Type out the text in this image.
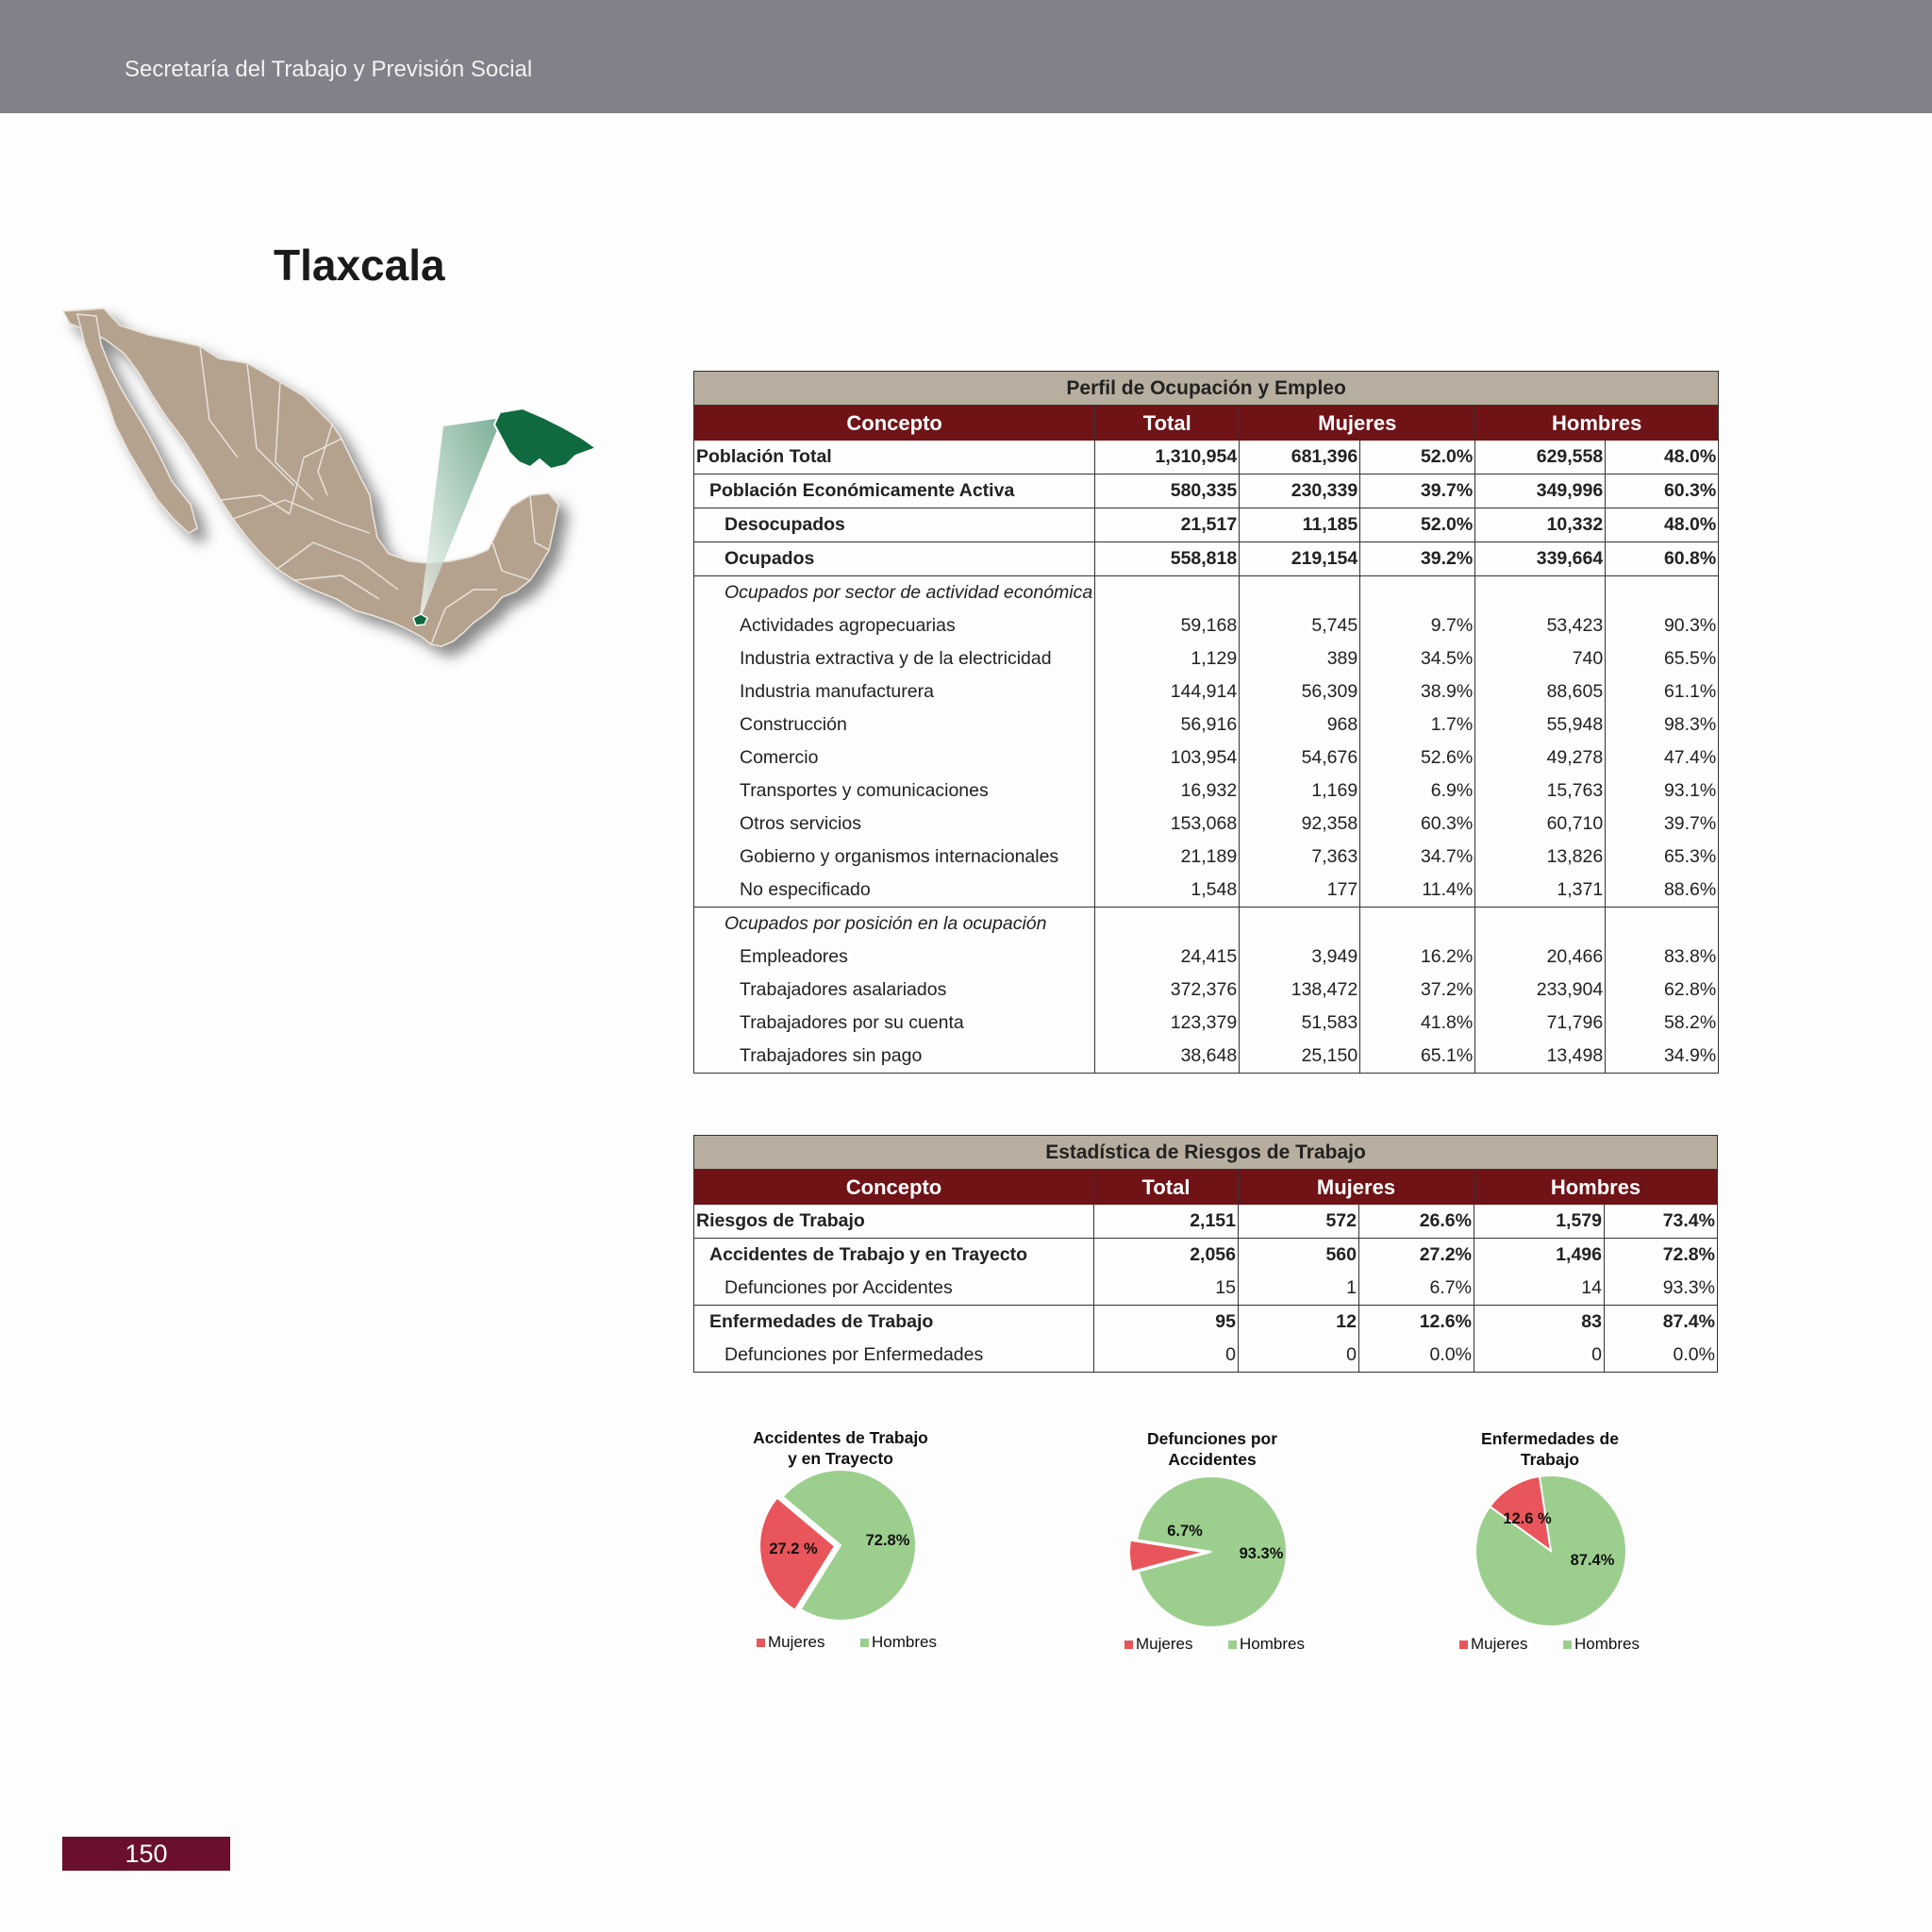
Secretaría del Trabajo y Previsión Social
Tlaxcala
Perfil de Ocupación y Empleo					
Concepto	Total	Mujeres		Hombres	
Población Total	1,310,954	681,396	52.0%	629,558	48.0%
Población Económicamente Activa	580,335	230,339	39.7%	349,996	60.3%
Desocupados	21,517	11,185	52.0%	10,332	48.0%
Ocupados	558,818	219,154	39.2%	339,664	60.8%
Ocupados por sector de actividad económica					
Actividades agropecuarias	59,168	5,745	9.7%	53,423	90.3%
Industria extractiva y de la electricidad	1,129	389	34.5%	740	65.5%
Industria manufacturera	144,914	56,309	38.9%	88,605	61.1%
Construcción	56,916	968	1.7%	55,948	98.3%
Comercio	103,954	54,676	52.6%	49,278	47.4%
Transportes y comunicaciones	16,932	1,169	6.9%	15,763	93.1%
Otros servicios	153,068	92,358	60.3%	60,710	39.7%
Gobierno y organismos internacionales	21,189	7,363	34.7%	13,826	65.3%
No especificado	1,548	177	11.4%	1,371	88.6%
Ocupados por posición en la ocupación					
Empleadores	24,415	3,949	16.2%	20,466	83.8%
Trabajadores asalariados	372,376	138,472	37.2%	233,904	62.8%
Trabajadores por su cuenta	123,379	51,583	41.8%	71,796	58.2%
Trabajadores sin pago	38,648	25,150	65.1%	13,498	34.9%
Estadística de Riesgos de Trabajo					
Concepto	Total	Mujeres		Hombres	
Riesgos de Trabajo	2,151	572	26.6%	1,579	73.4%
Accidentes de Trabajo y en Trayecto	2,056	560	27.2%	1,496	72.8%
Defunciones por Accidentes	15	1	6.7%	14	93.3%
Enfermedades de Trabajo	95	12	12.6%	83	87.4%
Defunciones por Enfermedades	0	0	0.0%	0	0.0%
Accidentes de Trabajo
y en Trayecto
27.2 %	72.8%
Mujeres	Hombres
Defunciones por
Accidentes
6.7%
93.3%
Mujeres	Hombres
Enfermedades de
Trabajo
12.6 %
87.4%
Mujeres	Hombres
150
